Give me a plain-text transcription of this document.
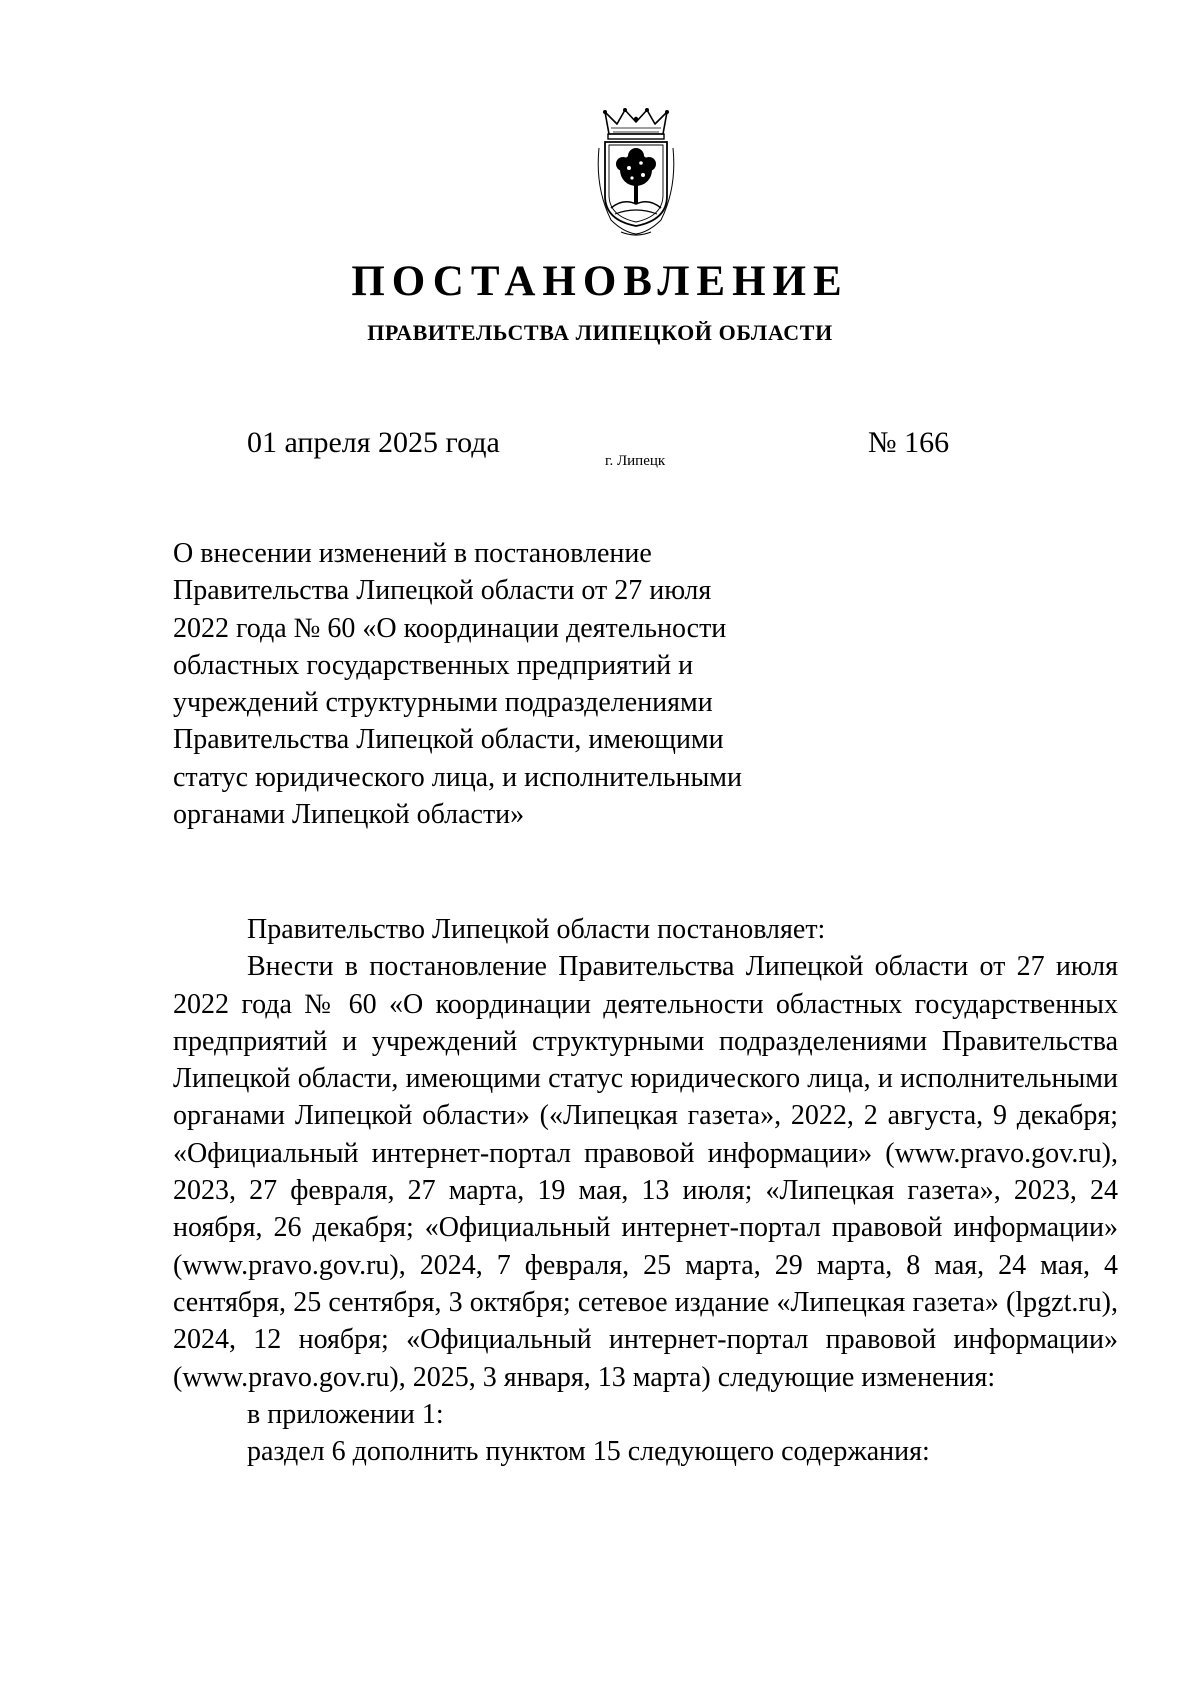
ПОСТАНОВЛЕНИЕ
ПРАВИТЕЛЬСТВА ЛИПЕЦКОЙ ОБЛАСТИ
01 апреля 2025 года
г. Липецк
№ 166
О внесении изменений в постановление
Правительства Липецкой области от 27 июля
2022 года № 60 «О координации деятельности
областных государственных предприятий и
учреждений структурными подразделениями
Правительства Липецкой области, имеющими
статус юридического лица, и исполнительными
органами Липецкой области»

Правительство Липецкой области постановляет:

Внести в постановление Правительства Липецкой области от 27 июля 2022 года № 60 «О координации деятельности областных государственных предприятий и учреждений структурными подразделениями Правительства Липецкой области, имеющими статус юридического лица, и исполнительными органами Липецкой области» («Липецкая газета», 2022, 2 августа, 9 декабря; «Официальный интернет-портал правовой информации» (www.pravo.gov.ru), 2023, 27 февраля, 27 марта, 19 мая, 13 июля; «Липецкая газета», 2023, 24 ноября, 26 декабря; «Официальный интернет-портал правовой информации» (www.pravo.gov.ru), 2024, 7 февраля, 25 марта, 29 марта, 8 мая, 24 мая, 4 сентября, 25 сентября, 3 октября; сетевое издание «Липецкая газета» (lpgzt.ru), 2024, 12 ноября; «Официальный интернет-портал правовой информации» (www.pravo.gov.ru), 2025, 3 января, 13 марта) следующие изменения:

в приложении 1:

раздел 6 дополнить пунктом 15 следующего содержания:
